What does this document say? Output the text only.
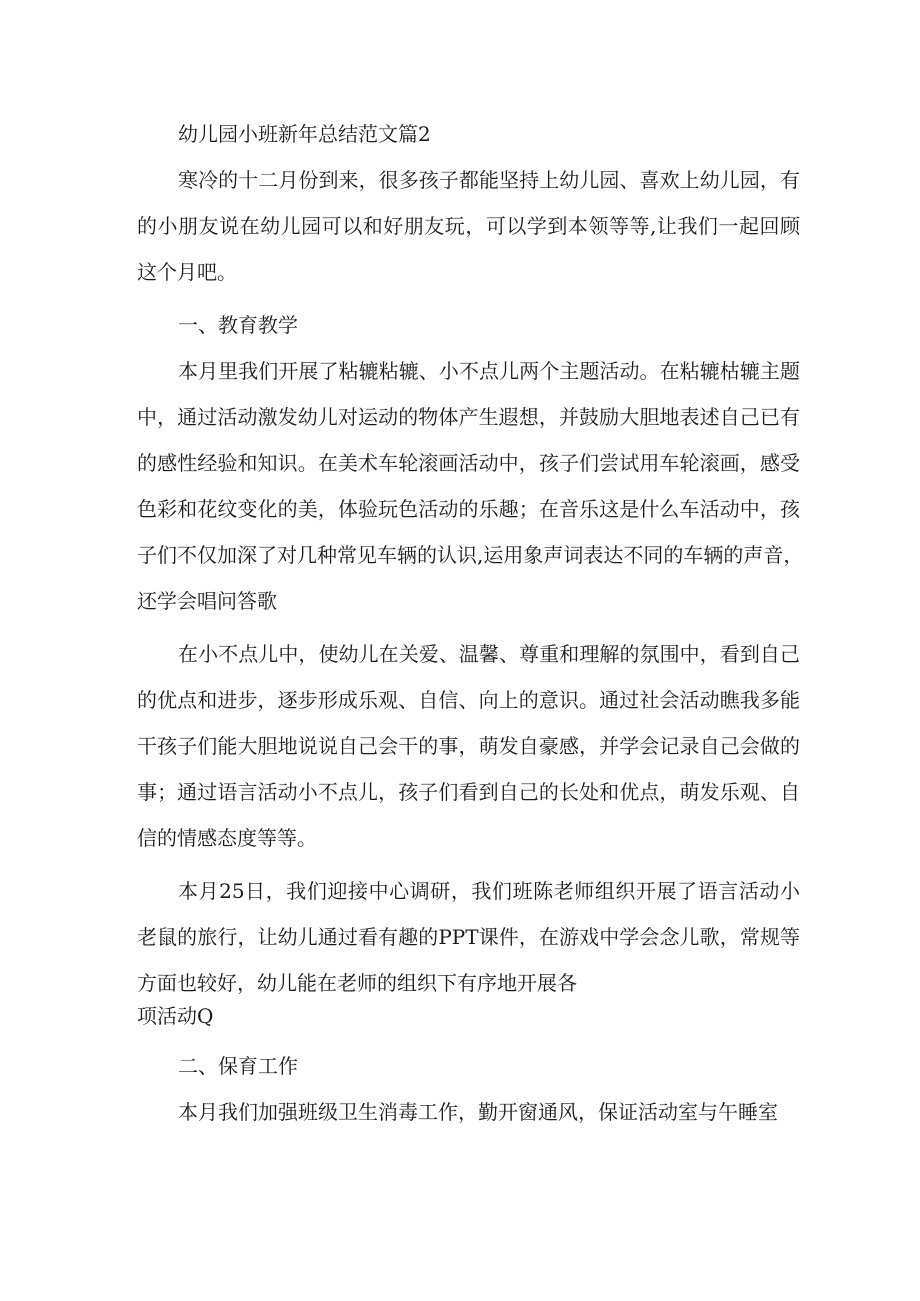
幼儿园小班新年总结范文篇2
寒冷的十二月份到来，很多孩子都能坚持上幼儿园、喜欢上幼儿园，有
的小朋友说在幼儿园可以和好朋友玩，可以学到本领等等,让我们一起回顾
这个月吧。
一、教育教学
本月里我们开展了粘辘粘辘、小不点儿两个主题活动。在粘辘枯辘主题
中，通过活动激发幼儿对运动的物体产生遐想，并鼓励大胆地表述自己已有
的感性经验和知识。在美术车轮滚画活动中，孩子们尝试用车轮滚画，感受
色彩和花纹变化的美，体验玩色活动的乐趣；在音乐这是什么车活动中，孩
子们不仅加深了对几种常见车辆的认识,运用象声词表达不同的车辆的声音，
还学会唱问答歌
在小不点儿中，使幼儿在关爱、温馨、尊重和理解的氛围中，看到自己
的优点和进步，逐步形成乐观、自信、向上的意识。通过社会活动瞧我多能
干孩子们能大胆地说说自己会干的事，萌发自豪感，并学会记录自己会做的
事；通过语言活动小不点儿，孩子们看到自己的长处和优点，萌发乐观、自
信的情感态度等等。
本月25日，我们迎接中心调研，我们班陈老师组织开展了语言活动小
老鼠的旅行，让幼儿通过看有趣的PPT课件，在游戏中学会念儿歌，常规等
方面也较好，幼儿能在老师的组织下有序地开展各
项活动Q
二、保育工作
本月我们加强班级卫生消毒工作，勤开窗通风，保证活动室与午睡室
